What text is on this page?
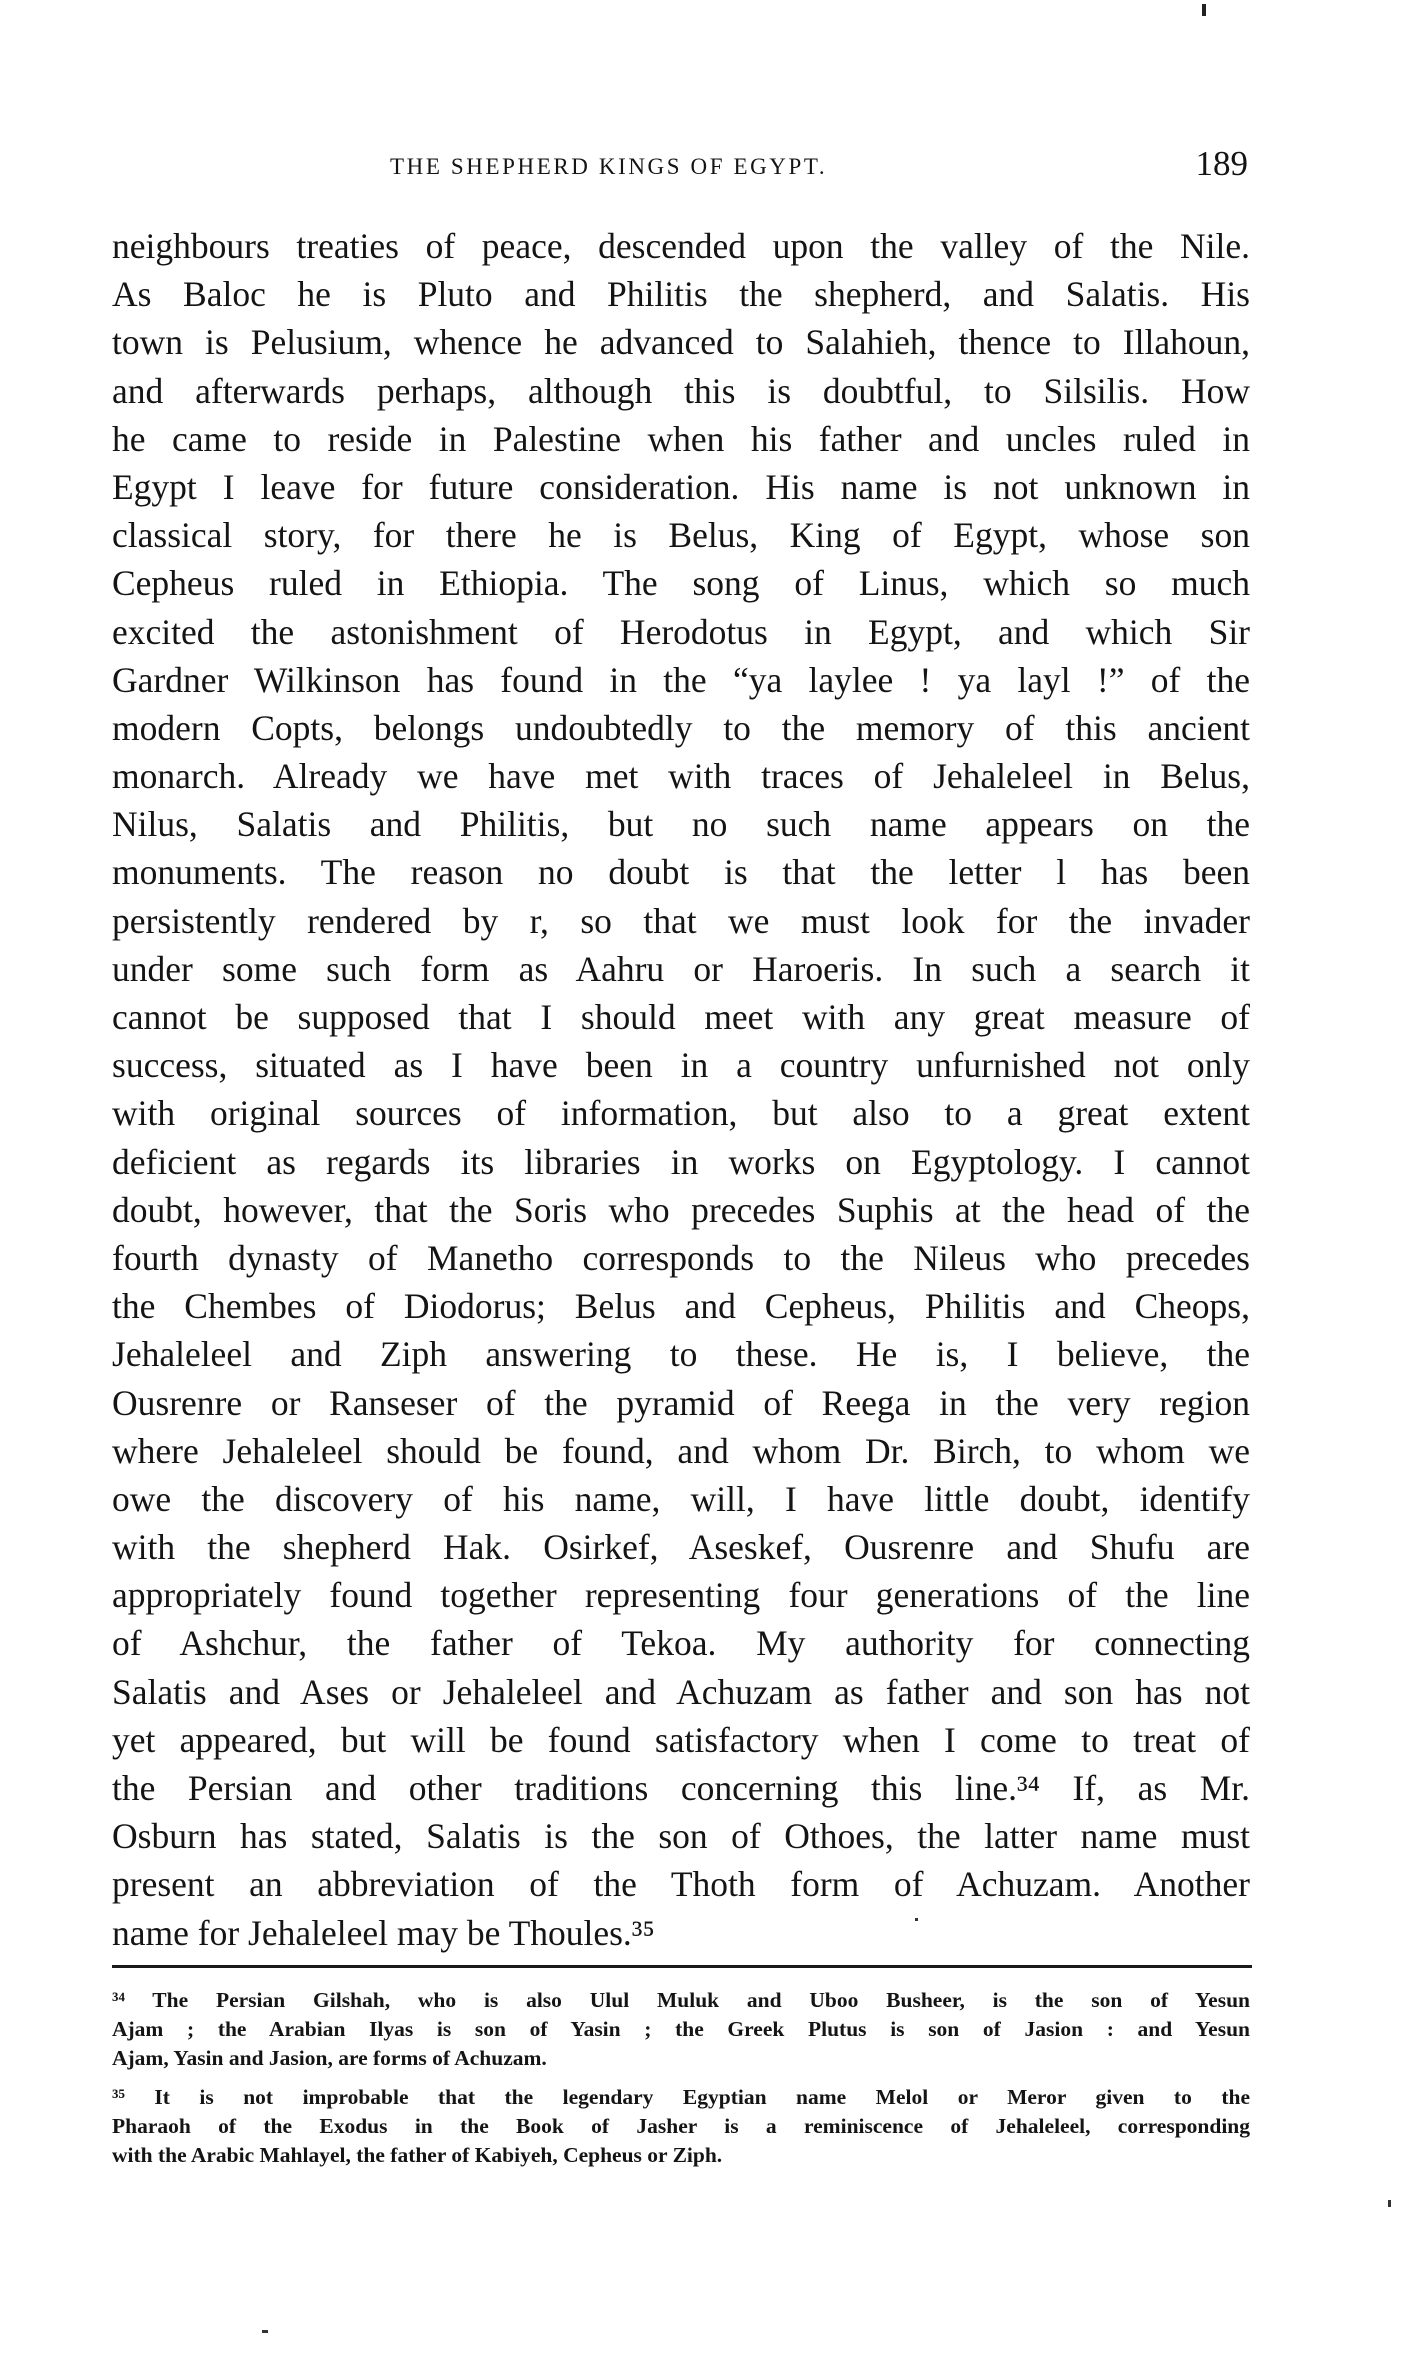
THE SHEPHERD KINGS OF EGYPT.	189
neighbours treaties of peace, descended upon the valley of the Nile.
As Baloc he is Pluto and Philitis the shepherd, and Salatis. His
town is Pelusium, whence he advanced to Salahieh, thence to Illahoun,
and afterwards perhaps, although this is doubtful, to Silsilis. How
he came to reside in Palestine when his father and uncles ruled in
Egypt I leave for future consideration. His name is not unknown in
classical story, for there he is Belus, King of Egypt, whose son
Cepheus ruled in Ethiopia. The song of Linus, which so much
excited the astonishment of Herodotus in Egypt, and which Sir
Gardner Wilkinson has found in the “ya laylee ! ya layl !” of the
modern Copts, belongs undoubtedly to the memory of this ancient
monarch. Already we have met with traces of Jehaleleel in Belus,
Nilus, Salatis and Philitis, but no such name appears on the
monuments. The reason no doubt is that the letter l has been
persistently rendered by r, so that we must look for the invader
under some such form as Aahru or Haroeris. In such a search it
cannot be supposed that I should meet with any great measure of
success, situated as I have been in a country unfurnished not only
with original sources of information, but also to a great extent
deficient as regards its libraries in works on Egyptology. I cannot
doubt, however, that the Soris who precedes Suphis at the head of the
fourth dynasty of Manetho corresponds to the Nileus who precedes
the Chembes of Diodorus; Belus and Cepheus, Philitis and Cheops,
Jehaleleel and Ziph answering to these. He is, I believe, the
Ousrenre or Ranseser of the pyramid of Reega in the very region
where Jehaleleel should be found, and whom Dr. Birch, to whom we
owe the discovery of his name, will, I have little doubt, identify
with the shepherd Hak. Osirkef, Aseskef, Ousrenre and Shufu are
appropriately found together representing four generations of the line
of Ashchur, the father of Tekoa. My authority for connecting
Salatis and Ases or Jehaleleel and Achuzam as father and son has not
yet appeared, but will be found satisfactory when I come to treat of
the Persian and other traditions concerning this line.³⁴ If, as Mr.
Osburn has stated, Salatis is the son of Othoes, the latter name must
present an abbreviation of the Thoth form of Achuzam. Another
name for Jehaleleel may be Thoules.³⁵
³⁴ The Persian Gilshah, who is also Ulul Muluk and Uboo Busheer, is the son of Yesun
Ajam ; the Arabian Ilyas is son of Yasin ; the Greek Plutus is son of Jasion : and Yesun
Ajam, Yasin and Jasion, are forms of Achuzam.
³⁵ It is not improbable that the legendary Egyptian name Melol or Meror given to the
Pharaoh of the Exodus in the Book of Jasher is a reminiscence of Jehaleleel, corresponding
with the Arabic Mahlayel, the father of Kabiyeh, Cepheus or Ziph.
